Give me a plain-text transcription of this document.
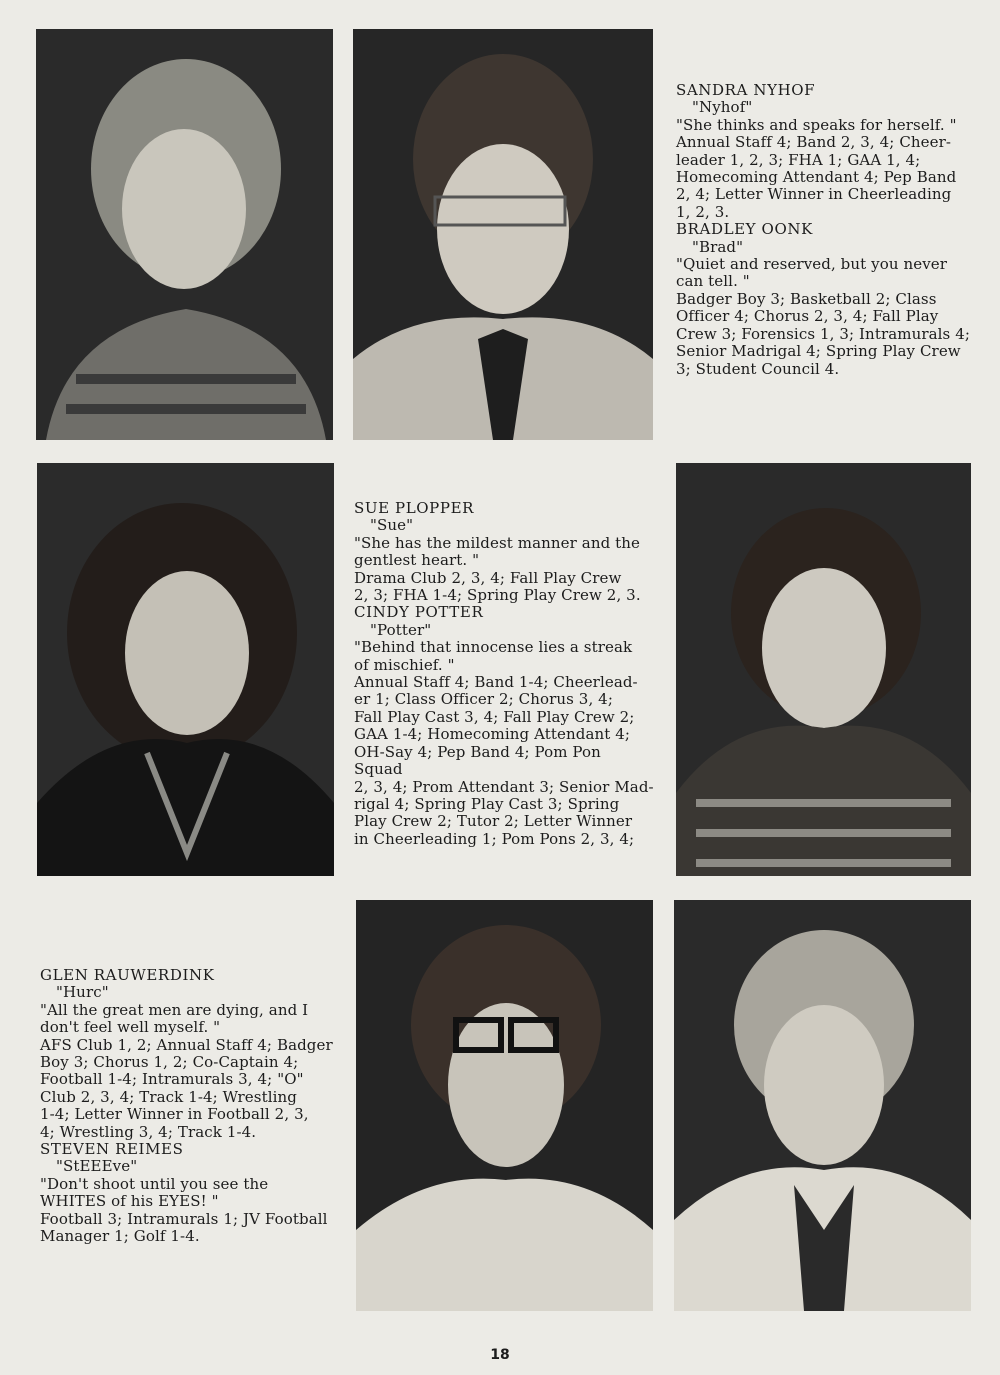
SANDRA NYHOF
"Nyhof"
"She thinks and speaks for herself. "
Annual Staff 4; Band 2, 3, 4; Cheer-
leader 1, 2, 3; FHA 1; GAA 1, 4;
Homecoming Attendant 4; Pep Band
2, 4; Letter Winner in Cheerleading
1, 2, 3.
BRADLEY OONK
"Brad"
"Quiet and reserved, but you never
can tell. "
Badger Boy 3; Basketball 2; Class
Officer 4; Chorus 2, 3, 4; Fall Play
Crew 3; Forensics 1, 3; Intramurals 4;
Senior Madrigal 4; Spring Play Crew
3; Student Council 4.
SUE PLOPPER
"Sue"
"She has the mildest manner and the
gentlest heart. "
Drama Club 2, 3, 4; Fall Play Crew
2, 3; FHA 1-4; Spring Play Crew 2, 3.
CINDY POTTER
"Potter"
"Behind that innocense lies a streak
of mischief. "
Annual Staff 4; Band 1-4; Cheerlead-
er 1; Class Officer 2; Chorus 3, 4;
Fall Play Cast 3, 4; Fall Play Crew 2;
GAA 1-4; Homecoming Attendant 4;
OH-Say 4; Pep Band 4; Pom Pon Squad
2, 3, 4; Prom Attendant 3; Senior Mad-
rigal 4; Spring Play Cast 3; Spring
Play Crew 2; Tutor 2; Letter Winner
in Cheerleading 1; Pom Pons 2, 3, 4;
GLEN RAUWERDINK
"Hurc"
"All the great men are dying, and I
don't feel well myself. "
AFS Club 1, 2; Annual Staff 4; Badger
Boy 3; Chorus 1, 2; Co-Captain 4;
Football 1-4; Intramurals 3, 4; "O"
Club 2, 3, 4; Track 1-4; Wrestling
1-4; Letter Winner in Football 2, 3,
4; Wrestling 3, 4; Track 1-4.
STEVEN REIMES
"StEEEve"
"Don't shoot until you see the
WHITES of his EYES! "
Football 3; Intramurals 1; JV Football
Manager 1; Golf 1-4.
18
